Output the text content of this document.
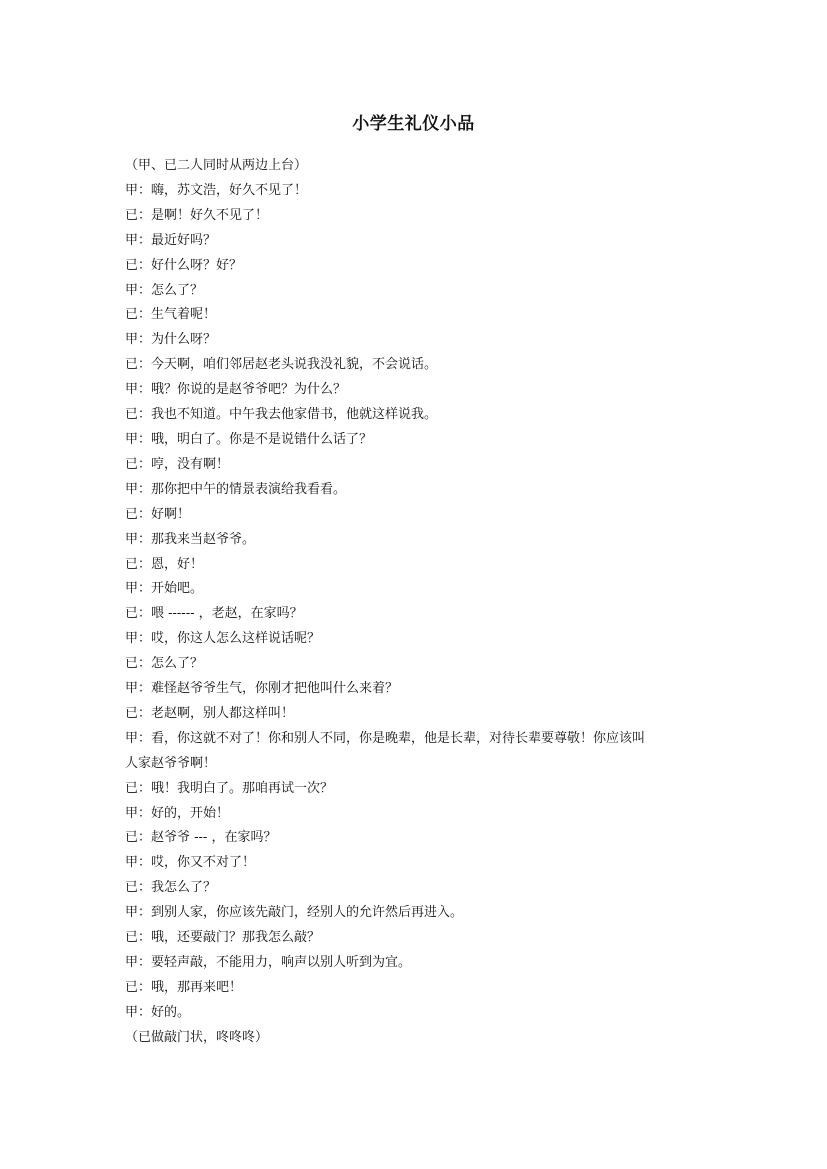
小学生礼仪小品
（甲、已二人同时从两边上台）
甲：嗨，苏文浩，好久不见了！
已：是啊！好久不见了！
甲：最近好吗？
已：好什么呀？好？
甲：怎么了？
已：生气着呢！
甲：为什么呀？
已：今天啊，咱们邻居赵老头说我没礼貌，不会说话。
甲：哦？你说的是赵爷爷吧？为什么？
已：我也不知道。中午我去他家借书，他就这样说我。
甲：哦，明白了。你是不是说错什么话了？
已：哼，没有啊！
甲：那你把中午的情景表演给我看看。
已：好啊！
甲：那我来当赵爷爷。
已：恩，好！
甲：开始吧。
已：喂 ------ ，老赵，在家吗？
甲：哎，你这人怎么这样说话呢？
已：怎么了？
甲：难怪赵爷爷生气，你刚才把他叫什么来着？
已：老赵啊，别人都这样叫！
甲：看，你这就不对了！你和别人不同，你是晚辈，他是长辈，对待长辈要尊敬！你应该叫
人家赵爷爷啊！
已：哦！我明白了。那咱再试一次？
甲：好的，开始！
已：赵爷爷 --- ，在家吗？
甲：哎，你又不对了！
已：我怎么了？
甲：到别人家，你应该先敲门，经别人的允许然后再进入。
已：哦，还要敲门？那我怎么敲？
甲：要轻声敲，不能用力，响声以别人听到为宜。
已：哦，那再来吧！
甲：好的。
（已做敲门状，咚咚咚）
